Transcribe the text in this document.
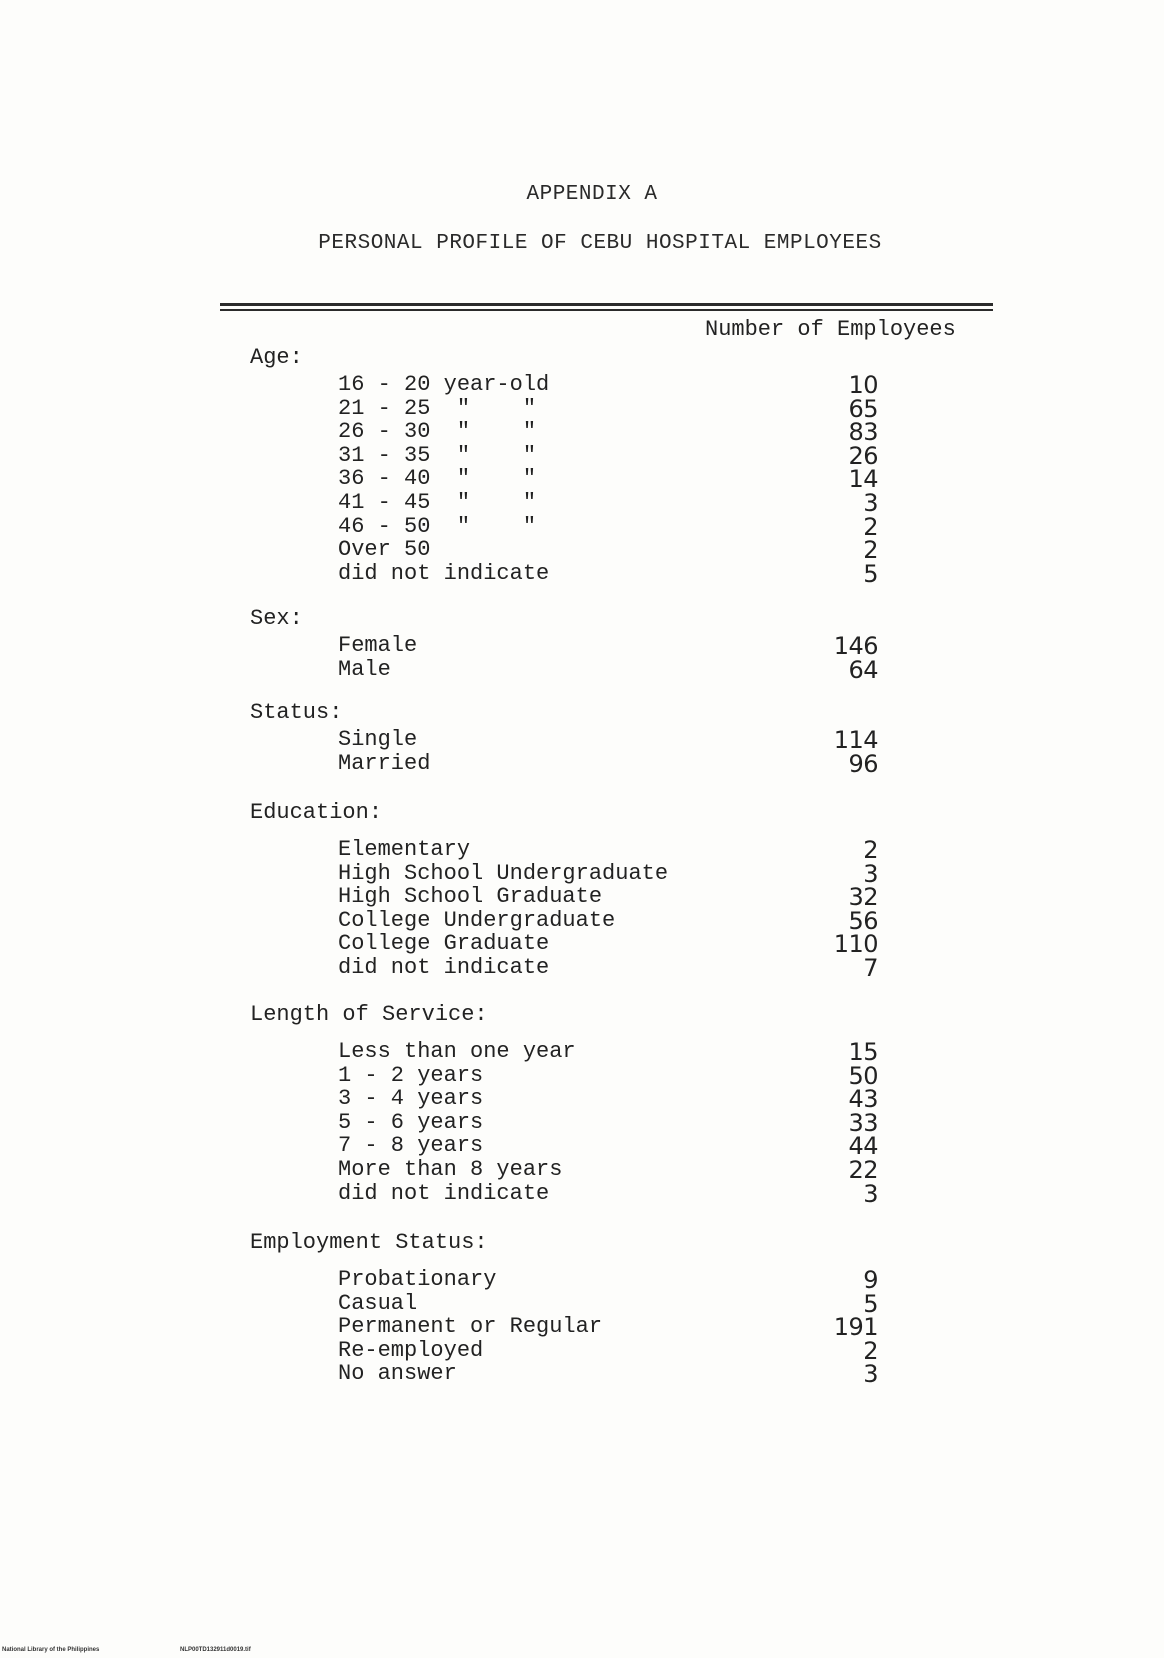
APPENDIX A
PERSONAL PROFILE OF CEBU HOSPITAL EMPLOYEES
Number of Employees
Age:
16 - 20 year-old	10
21 - 25  "    "	65
26 - 30  "    "	83
31 - 35  "    "	26
36 - 40  "    "	14
41 - 45  "    "	3
46 - 50  "    "	2
Over 50	2
did not indicate	5
Sex:
Female	146
Male	64
Status:
Single	114
Married	96
Education:
Elementary	2
High School Undergraduate	3
High School Graduate	32
College Undergraduate	56
College Graduate	110
did not indicate	7
Length of Service:
Less than one year	15
1 - 2 years	50
3 - 4 years	43
5 - 6 years	33
7 - 8 years	44
More than 8 years	22
did not indicate	3
Employment Status:
Probationary	9
Casual	5
Permanent or Regular	191
Re-employed	2
No answer	3
National Library of the Philippines	NLP00TD132911d0019.tif
